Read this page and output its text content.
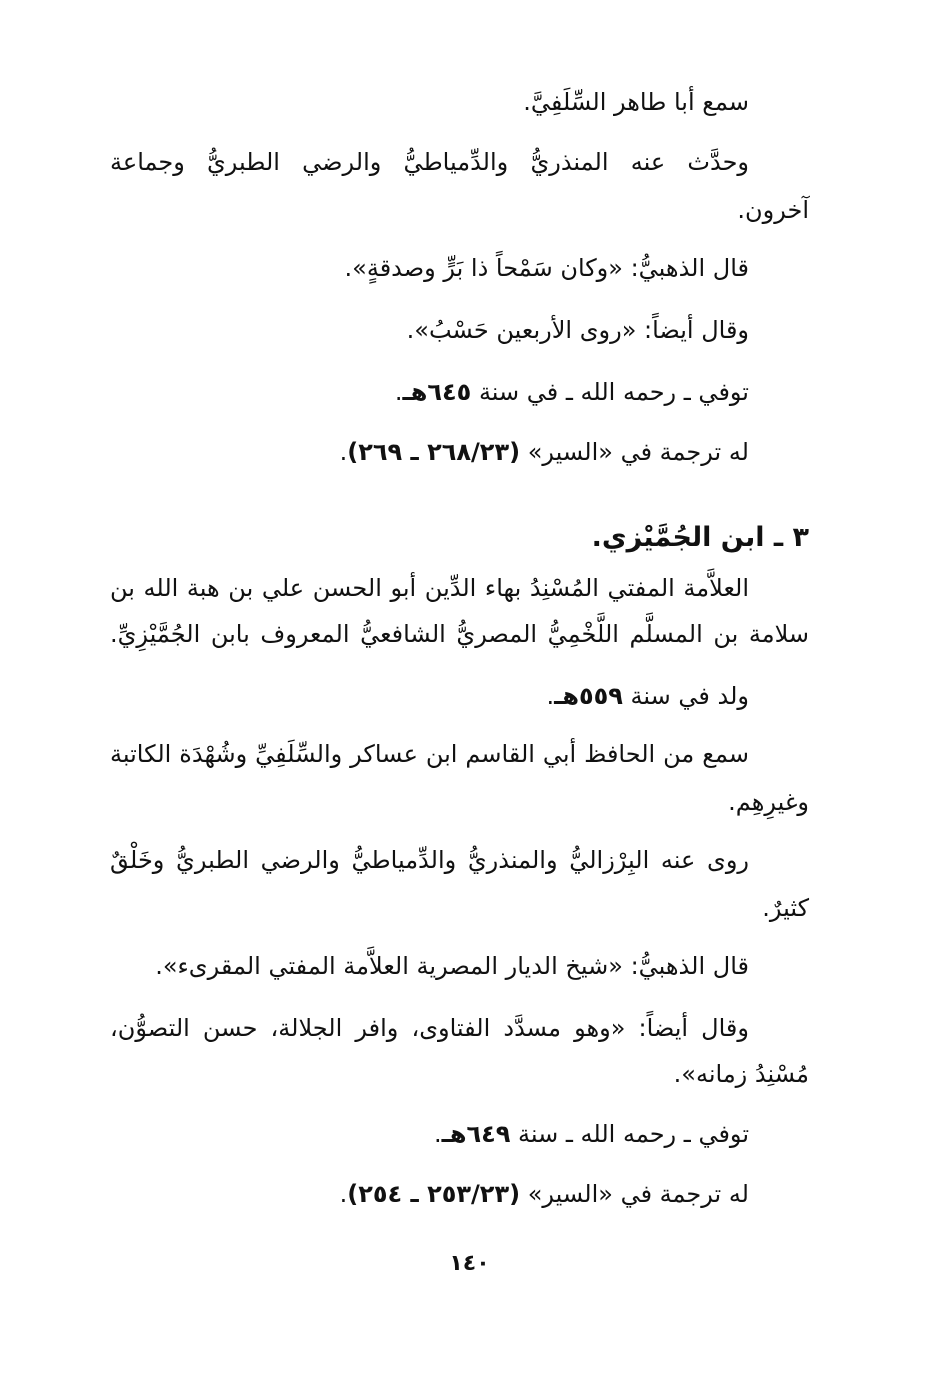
سمع أبا طاهر السِّلَفِيَّ.
وحدَّث عنه المنذريُّ والدِّمياطيُّ والرضي الطبريُّ وجماعة
آخرون.
قال الذهبيُّ: «وكان سَمْحاً ذا بَرٍّ وصدقةٍ».
وقال أيضاً: «روى الأربعين حَسْبُ».
توفي ـ رحمه الله ـ في سنة ٦٤٥هـ.
له ترجمة في «السير» (٢٦٨/٢٣ ـ ٢٦٩).
٣ ـ ابن الجُمَّيْزي.
العلاَّمة المفتي المُسْنِدُ بهاء الدِّين أبو الحسن علي بن هبة الله بن
سلامة بن المسلَّم اللَّخْمِيُّ المصريُّ الشافعيُّ المعروف بابن الجُمَّيْزِيِّ.
ولد في سنة ٥٥٩هـ.
سمع من الحافظ أبي القاسم ابن عساكر والسِّلَفِيِّ وشُهْدَة الكاتبة
وغيرِهِم.
روى عنه البِرْزاليُّ والمنذريُّ والدِّمياطيُّ والرضي الطبريُّ وخَلْقٌ
كثيرٌ.
قال الذهبيُّ: «شيخ الديار المصرية العلاَّمة المفتي المقرىء».
وقال أيضاً: «وهو مسدَّد الفتاوى، وافر الجلالة، حسن التصوُّن،
مُسْنِدُ زمانه».
توفي ـ رحمه الله ـ سنة ٦٤٩هـ.
له ترجمة في «السير» (٢٥٣/٢٣ ـ ٢٥٤).
١٤٠
